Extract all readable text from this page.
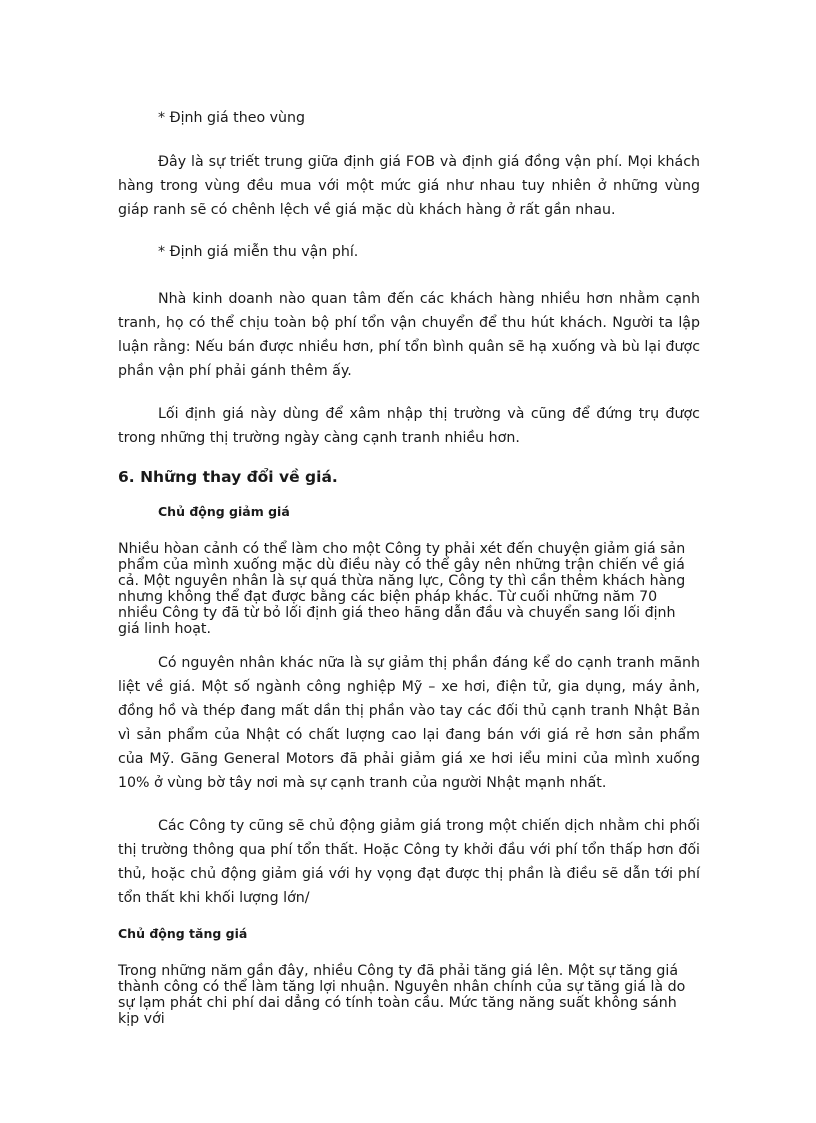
* Định giá theo vùng

Đây là sự triết trung giữa định giá FOB và định giá đồng vận phí. Mọi khách hàng trong vùng đều mua với một mức giá như nhau tuy nhiên ở những vùng giáp ranh sẽ có chênh lệch về giá mặc dù khách hàng ở rất gần nhau.

* Định giá miễn thu vận phí.

Nhà kinh doanh nào quan tâm đến các khách hàng nhiều hơn nhằm cạnh tranh, họ có thể chịu toàn bộ phí tổn vận chuyển để thu hút khách. Người ta lập luận rằng: Nếu bán được nhiều hơn, phí tổn bình quân sẽ hạ xuống và bù lại được phần vận phí phải gánh thêm ấy.

Lối định giá này dùng để xâm nhập thị trường và cũng để đứng trụ được trong những thị trường ngày càng cạnh tranh nhiều hơn.

6. Những thay đổi về giá.

Chủ động giảm giá

Nhiều hòan cảnh có thể làm cho một Công ty phải xét đến chuyện giảm giá sản phẩm của mình xuống mặc dù điều này có thể gây nên những trận chiến về giá cả. Một nguyên nhân là sự quá thừa năng lực, Công ty thì cần thêm khách hàng nhưng không thể đạt được bằng các biện pháp khác. Từ cuối những năm 70 nhiều Công ty đã từ bỏ lối định giá theo hãng dẫn đầu và chuyển sang lối định giá linh hoạt.

Có nguyên nhân khác nữa là sự giảm thị phần đáng kể do cạnh tranh mãnh liệt về giá. Một số ngành công nghiệp Mỹ – xe hơi, điện tử, gia dụng, máy ảnh, đồng hồ và thép đang mất dần thị phần vào tay các đối thủ cạnh tranh Nhật Bản vì sản phẩm của Nhật có chất lượng cao lại đang bán với giá rẻ hơn sản phẩm của Mỹ. Gãng General Motors đã phải giảm giá xe hơi iểu mini của mình xuống 10% ở vùng bờ tây nơi mà sự cạnh tranh của người Nhật mạnh nhất.

Các Công ty cũng sẽ chủ động giảm giá trong một chiến dịch nhằm chi phối thị trường thông qua phí tổn thất. Hoặc Công ty khởi đầu với phí tổn thấp hơn đối thủ, hoặc chủ động giảm giá với hy vọng đạt được thị phần là điều sẽ dẫn tới phí tổn thất khi khối lượng lớn/

Chủ động tăng giá

Trong những năm gần đây, nhiều Công ty đã phải tăng giá lên. Một sự tăng giá thành công có thể làm tăng lợi nhuận. Nguyên nhân chính của sự tăng giá là do sự lạm phát chi phí dai dẳng có tính toàn cầu. Mức tăng năng suất không sánh kịp với
